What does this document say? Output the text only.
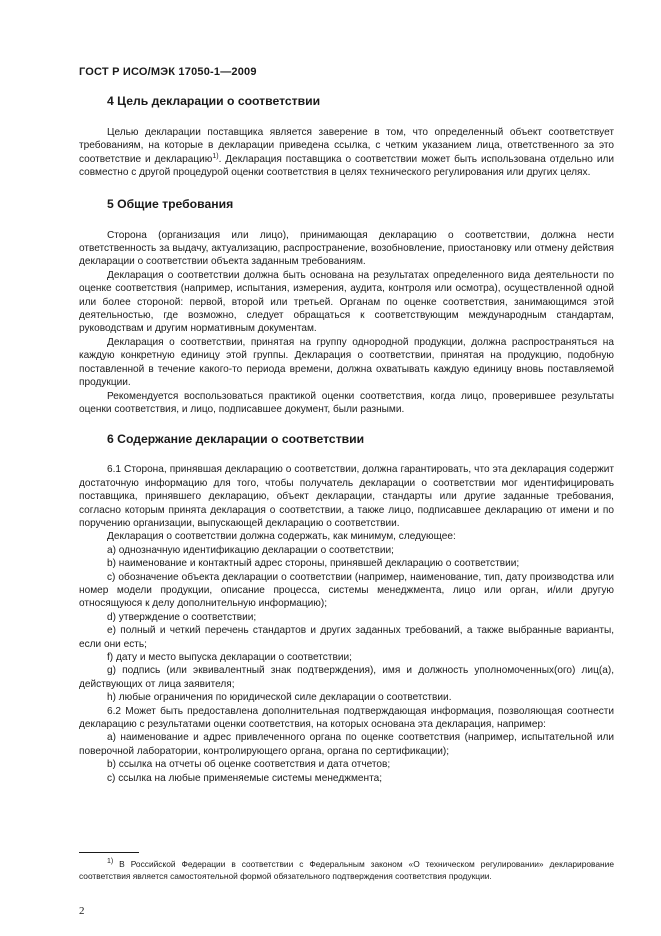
ГОСТ Р ИСО/МЭК 17050-1—2009
4 Цель декларации о соответствии

Целью декларации поставщика является заверение в том, что определенный объект соответствует требованиям, на которые в декларации приведена ссылка, с четким указанием лица, ответственного за это соответствие и декларацию$^{1)}$. Декларация поставщика о соответствии может быть использована отдельно или совместно с другой процедурой оценки соответствия в целях технического регулирования или других целях.

5 Общие требования

Сторона (организация или лицо), принимающая декларацию о соответствии, должна нести ответственность за выдачу, актуализацию, распространение, возобновление, приостановку или отмену действия декларации о соответствии объекта заданным требованиям.

Декларация о соответствии должна быть основана на результатах определенного вида деятельности по оценке соответствия (например, испытания, измерения, аудита, контроля или осмотра), осуществленной одной или более стороной: первой, второй или третьей. Органам по оценке соответствия, занимающимся этой деятельностью, где возможно, следует обращаться к соответствующим международным стандартам, руководствам и другим нормативным документам.

Декларация о соответствии, принятая на группу однородной продукции, должна распространяться на каждую конкретную единицу этой группы. Декларация о соответствии, принятая на продукцию, подобную поставленной в течение какого-то периода времени, должна охватывать каждую единицу вновь поставляемой продукции.

Рекомендуется воспользоваться практикой оценки соответствия, когда лицо, проверившее результаты оценки соответствия, и лицо, подписавшее документ, были разными.

6 Содержание декларации о соответствии

6.1 Сторона, принявшая декларацию о соответствии, должна гарантировать, что эта декларация содержит достаточную информацию для того, чтобы получатель декларации о соответствии мог идентифицировать поставщика, принявшего декларацию, объект декларации, стандарты или другие заданные требования, согласно которым принята декларация о соответствии, а также лицо, подписавшее декларацию от имени и по поручению организации, выпускающей декларацию о соответствии.

Декларация о соответствии должна содержать, как минимум, следующее:

a) однозначную идентификацию декларации о соответствии;

b) наименование и контактный адрес стороны, принявшей декларацию о соответствии;

c) обозначение объекта декларации о соответствии (например, наименование, тип, дату производства или номер модели продукции, описание процесса, системы менеджмента, лицо или орган, и/или другую относящуюся к делу дополнительную информацию);

d) утверждение о соответствии;

e) полный и четкий перечень стандартов и других заданных требований, а также выбранные варианты, если они есть;

f) дату и место выпуска декларации о соответствии;

g) подпись (или эквивалентный знак подтверждения), имя и должность уполномоченных(ого) лиц(а), действующих от лица заявителя;

h) любые ограничения по юридической силе декларации о соответствии.

6.2 Может быть предоставлена дополнительная подтверждающая информация, позволяющая соотнести декларацию с результатами оценки соответствия, на которых основана эта декларация, например:

a) наименование и адрес привлеченного органа по оценке соответствия (например, испытательной или поверочной лаборатории, контролирующего органа, органа по сертификации);

b) ссылка на отчеты об оценке соответствия и дата отчетов;

c) ссылка на любые применяемые системы менеджмента;

$^{1)}$ В Российской Федерации в соответствии с Федеральным законом «О техническом регулировании» декларирование соответствия является самостоятельной формой обязательного подтверждения соответствия продукции.
2
